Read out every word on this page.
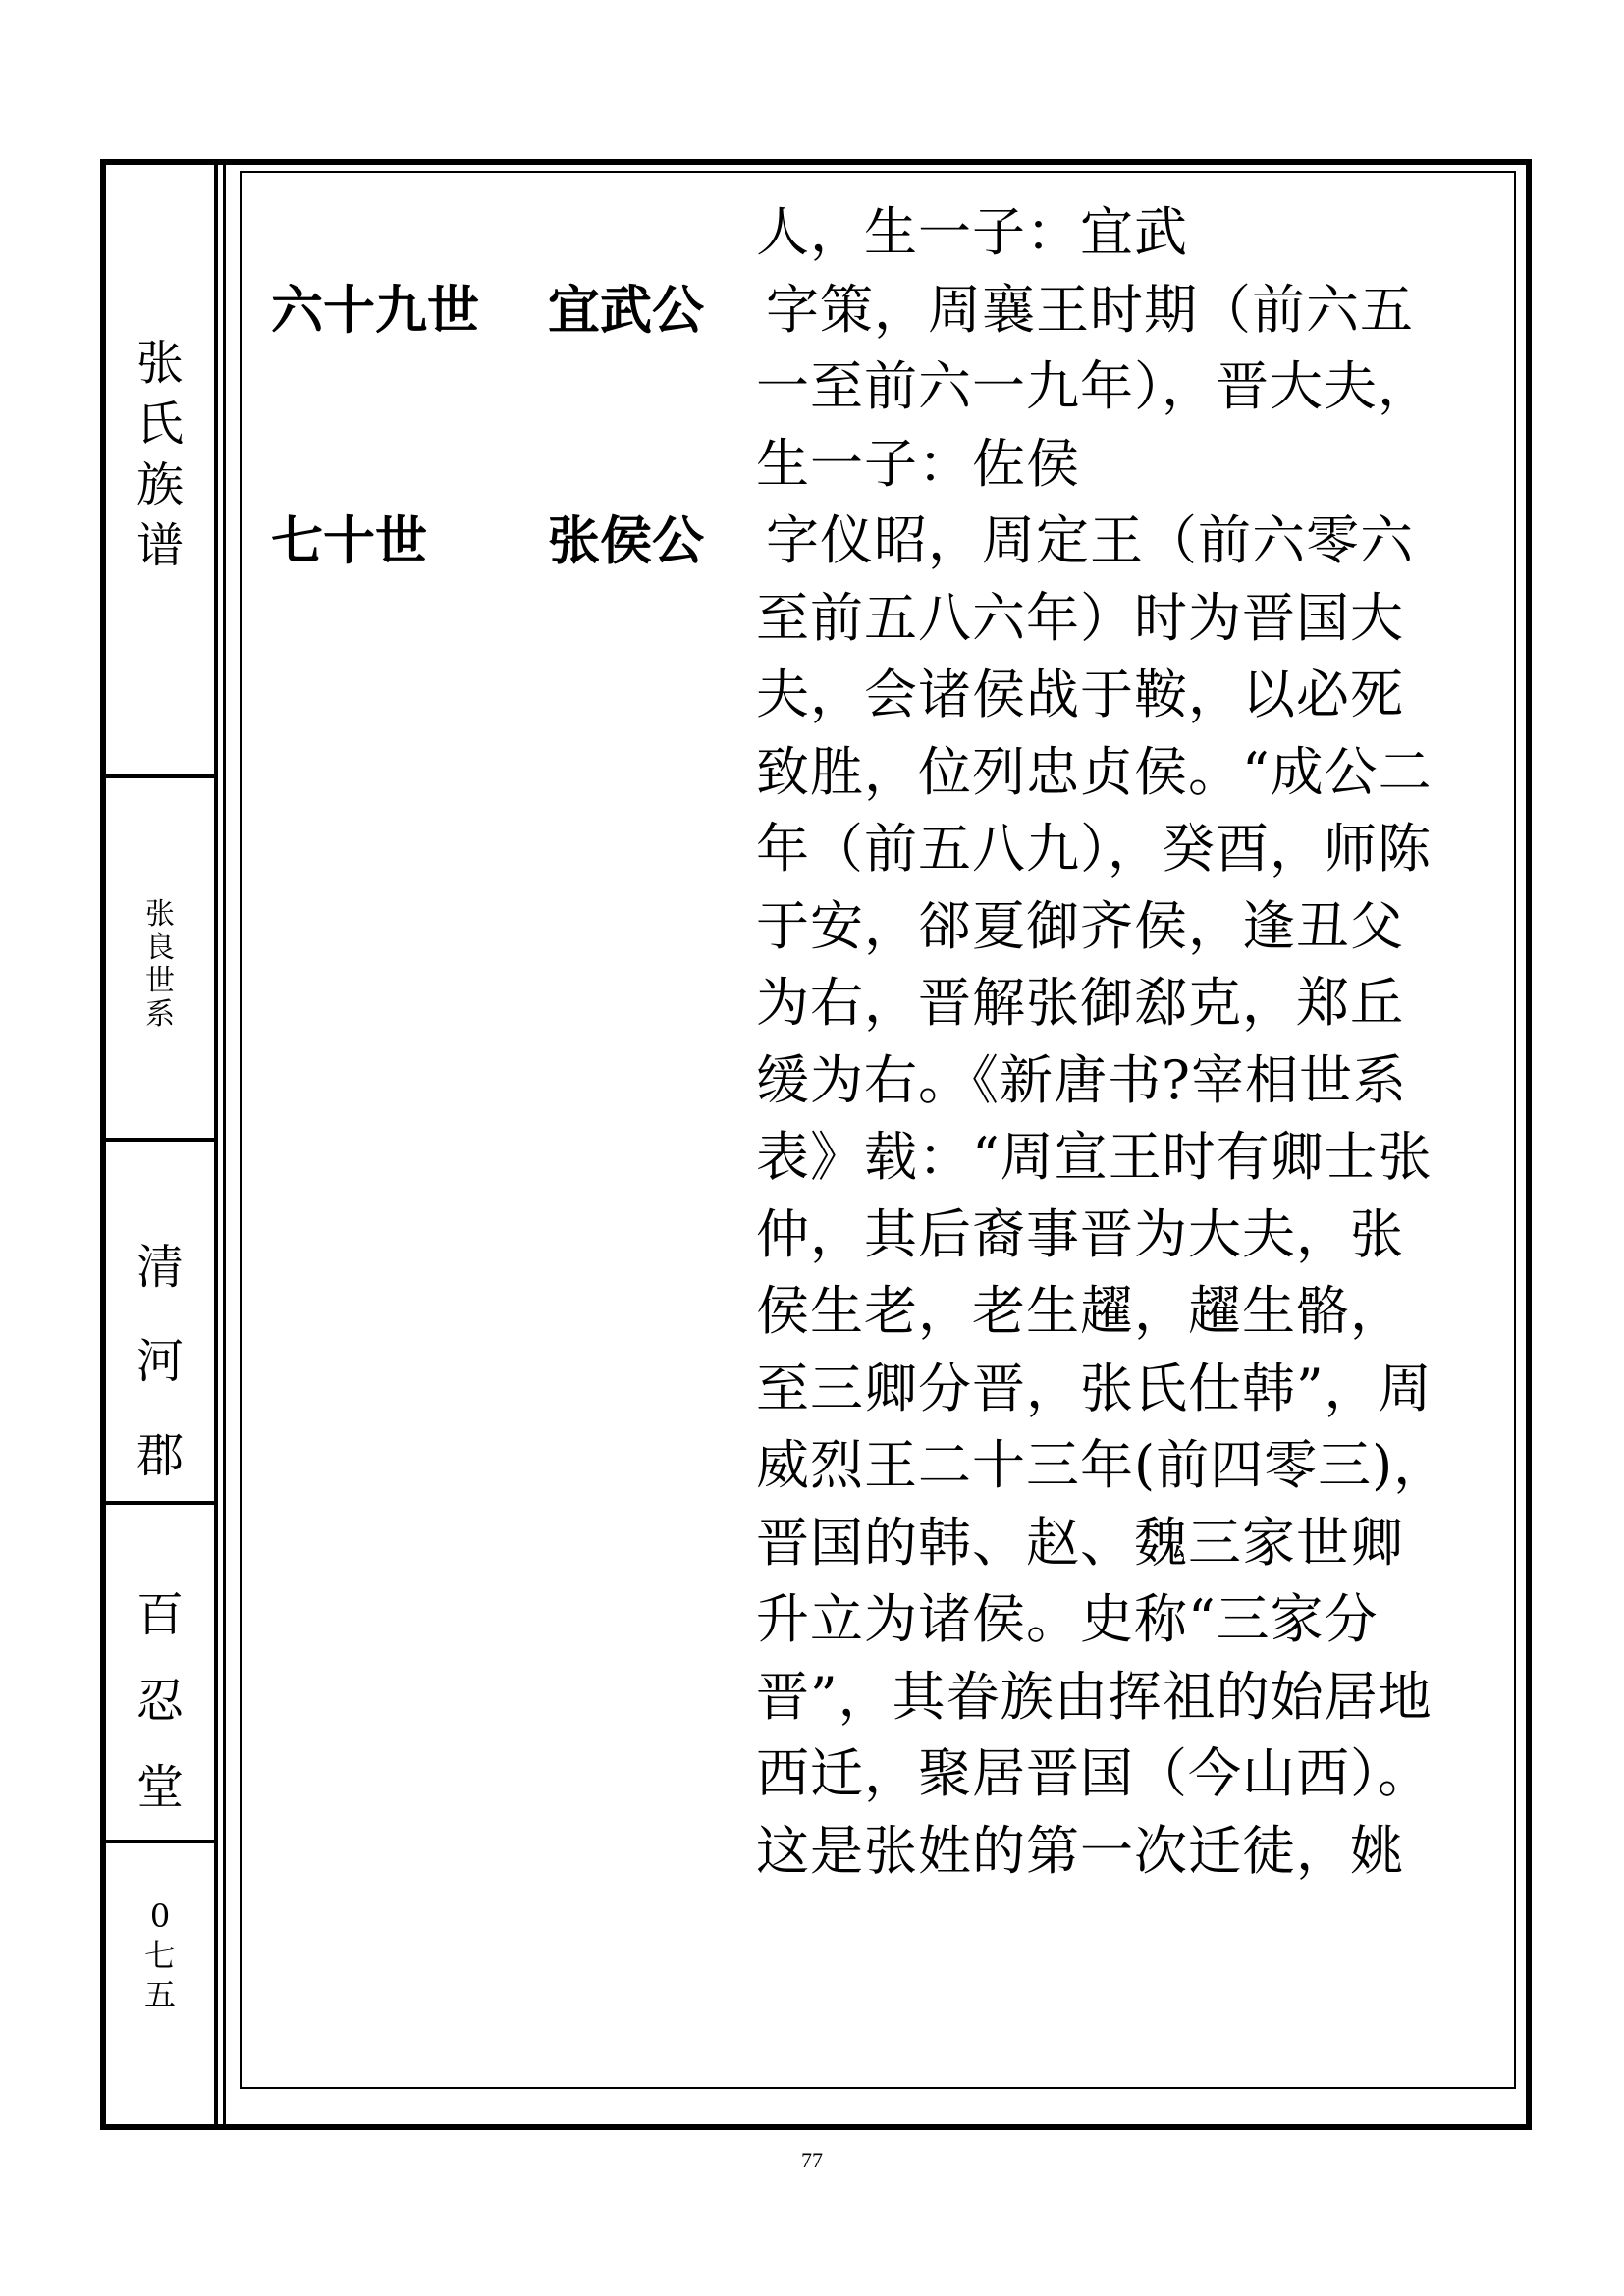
张
氏
族
谱
张
良
世
系
清
河
郡
百
忍
堂
0
七
五
六十九世 宜武公
七十世 张侯公
人，生一子：宜武
字策，周襄王时期（前六五
一至前六一九年），晋大夫，
生一子：佐侯
字仪昭，周定王（前六零六
至前五八六年）时为晋国大
夫，会诸侯战于鞍，以必死
致胜，位列忠贞侯。“成公二
年（前五八九），癸酉，师陈
于安，郤夏御齐侯，逢丑父
为右，晋解张御郄克，郑丘
缓为右。《新唐书?宰相世系
表》载：“周宣王时有卿士张
仲，其后裔事晋为大夫，张
侯生老，老生趯，趯生骼，
至三卿分晋，张氏仕韩”，周
威烈王二十三年(前四零三)，
晋国的韩、赵、魏三家世卿
升立为诸侯。史称“三家分
晋”，其眷族由挥祖的始居地
西迁，聚居晋国（今山西）。
这是张姓的第一次迁徒，姚
77
